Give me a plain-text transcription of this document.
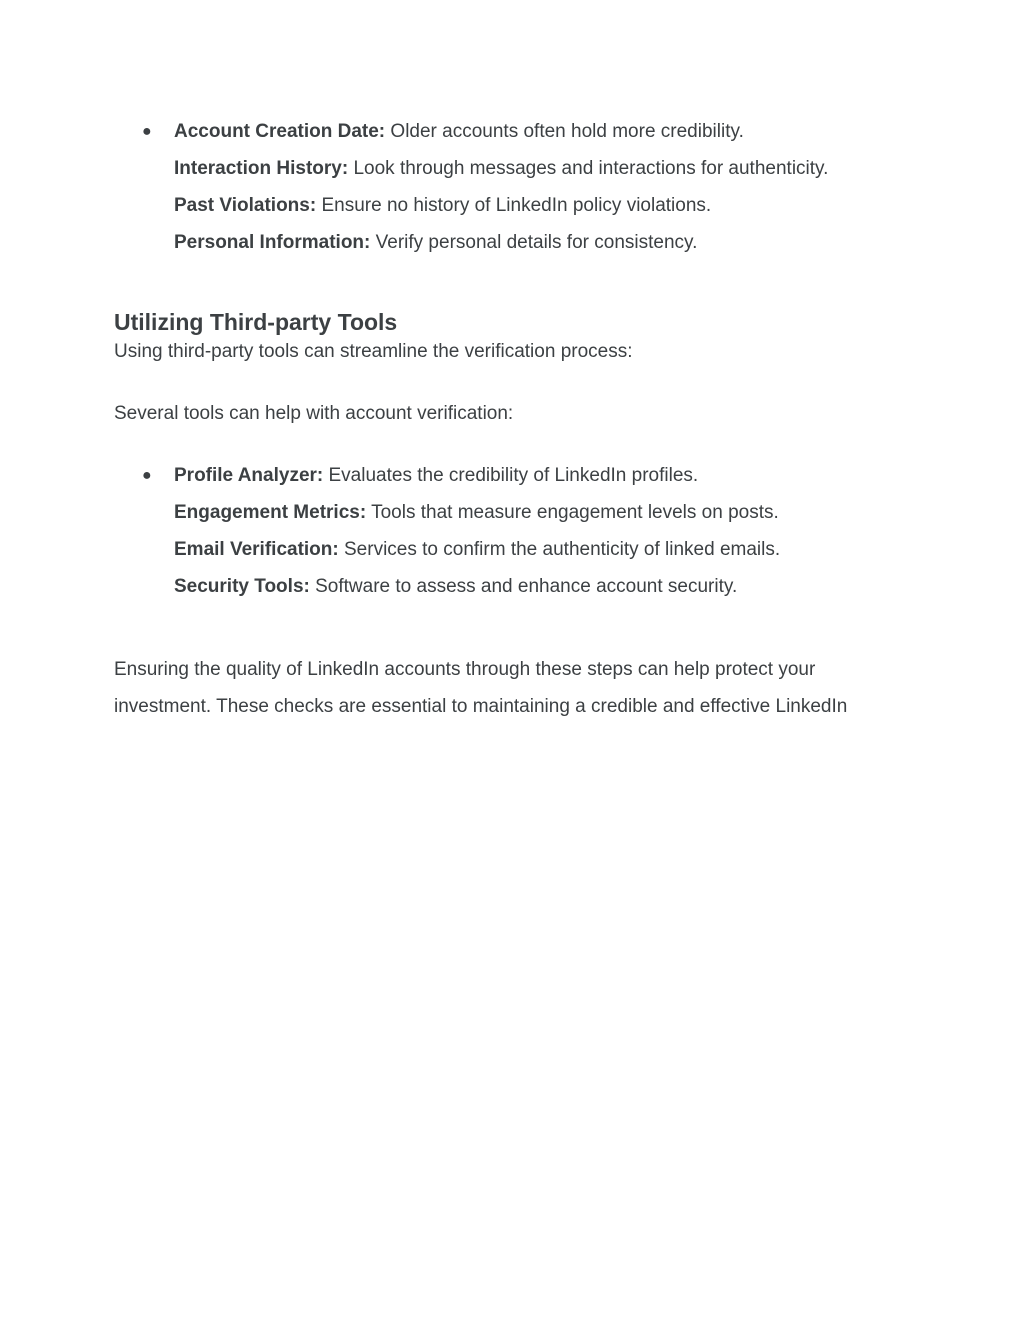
● Account Creation Date: Older accounts often hold more credibility.
Interaction History: Look through messages and interactions for authenticity.
Past Violations: Ensure no history of LinkedIn policy violations.
Personal Information: Verify personal details for consistency.
Utilizing Third-party Tools

Using third-party tools can streamline the verification process:

Several tools can help with account verification:

● Profile Analyzer: Evaluates the credibility of LinkedIn profiles.
Engagement Metrics: Tools that measure engagement levels on posts.
Email Verification: Services to confirm the authenticity of linked emails.
Security Tools: Software to assess and enhance account security.

Ensuring the quality of LinkedIn accounts through these steps can help protect your
investment. These checks are essential to maintaining a credible and effective LinkedIn
